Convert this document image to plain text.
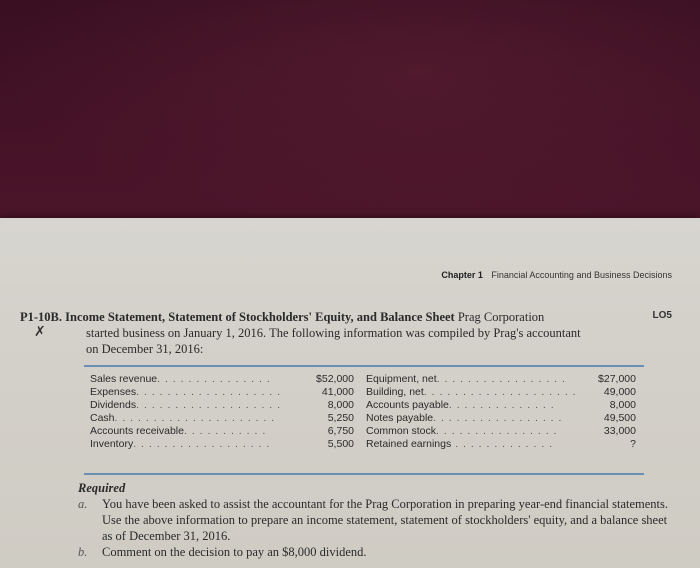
Chapter 1 Financial Accounting and Business Decisions
LO5
✗
P1-10B. Income Statement, Statement of Stockholders' Equity, and Balance Sheet Prag Corporation
started business on January 1, 2016. The following information was compiled by Prag's accountant
on December 31, 2016:
Sales revenue. . . . . . . . . . . . . . .
Expenses. . . . . . . . . . . . . . . . . . .
Dividends. . . . . . . . . . . . . . . . . . .
Cash. . . . . . . . . . . . . . . . . . . . .
Accounts receivable. . . . . . . . . . .
Inventory. . . . . . . . . . . . . . . . . .
$52,000
41,000
8,000
5,250
6,750
5,500
Equipment, net. . . . . . . . . . . . . . . . .
Building, net. . . . . . . . . . . . . . . . . . . .
Accounts payable. . . . . . . . . . . . . .
Notes payable. . . . . . . . . . . . . . . . .
Common stock. . . . . . . . . . . . . . . .
Retained earnings . . . . . . . . . . . . .
$27,000
49,000
8,000
49,500
33,000
?
Required
a. You have been asked to assist the accountant for the Prag Corporation in preparing year-end financial statements. Use the above information to prepare an income statement, statement of stockholders' equity, and a balance sheet as of December 31, 2016.
b. Comment on the decision to pay an $8,000 dividend.
